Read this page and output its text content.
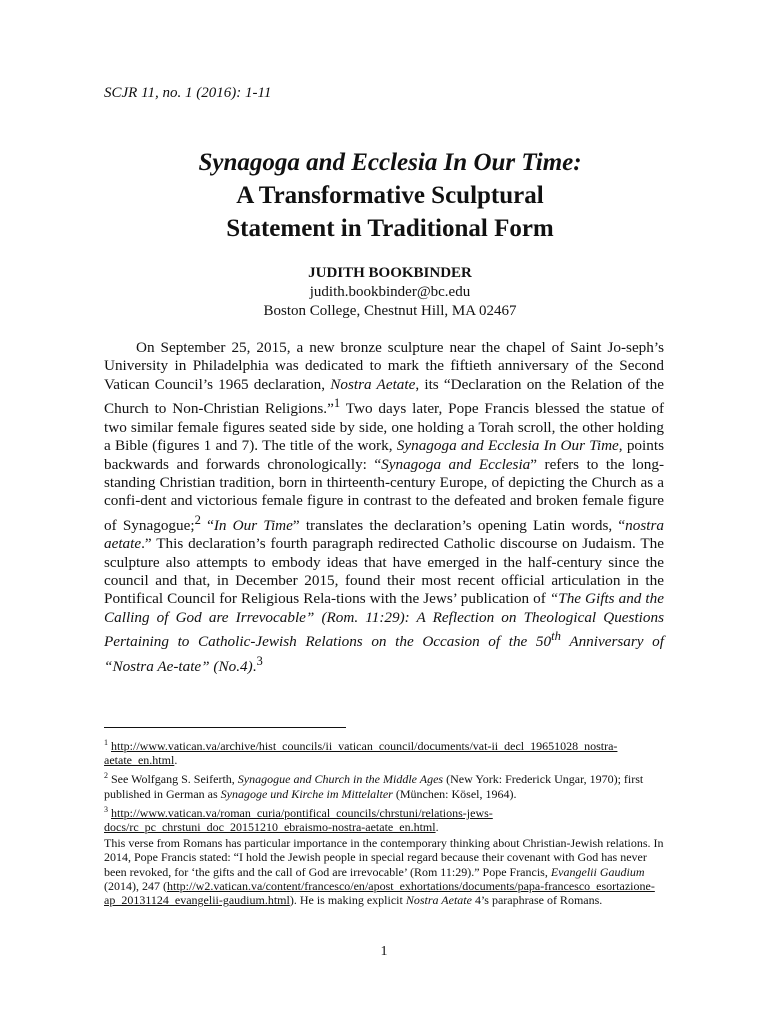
SCJR 11, no. 1 (2016): 1-11
Synagoga and Ecclesia In Our Time:
A Transformative Sculptural
Statement in Traditional Form
JUDITH BOOKBINDER
judith.bookbinder@bc.edu
Boston College, Chestnut Hill, MA 02467

On September 25, 2015, a new bronze sculpture near the chapel of Saint Jo-seph’s University in Philadelphia was dedicated to mark the fiftieth anniversary of the Second Vatican Council’s 1965 declaration, Nostra Aetate, its “Declaration on the Relation of the Church to Non-Christian Religions.”$^1$ Two days later, Pope Francis blessed the statue of two similar female figures seated side by side, one holding a Torah scroll, the other holding a Bible (figures 1 and 7). The title of the work, Synagoga and Ecclesia In Our Time, points backwards and forwards chronologically: “Synagoga and Ecclesia” refers to the long-standing Christian tradition, born in thirteenth-century Europe, of depicting the Church as a confi-dent and victorious female figure in contrast to the defeated and broken female figure of Synagogue;$^2$ “In Our Time” translates the declaration’s opening Latin words, “nostra aetate.” This declaration’s fourth paragraph redirected Catholic discourse on Judaism. The sculpture also attempts to embody ideas that have emerged in the half-century since the council and that, in December 2015, found their most recent official articulation in the Pontifical Council for Religious Rela-tions with the Jews’ publication of “The Gifts and the Calling of God are Irrevocable” (Rom. 11:29): A Reflection on Theological Questions Pertaining to Catholic-Jewish Relations on the Occasion of the 50th Anniversary of “Nostra Ae-tate” (No.4).$^3$

$^1$ http://www.vatican.va/archive/hist_councils/ii_vatican_council/documents/vat-ii_decl_19651028_nostra-aetate_en.html.
$^2$ See Wolfgang S. Seiferth, Synagogue and Church in the Middle Ages (New York: Frederick Ungar, 1970); first published in German as Synagoge und Kirche im Mittelalter (München: Kösel, 1964).
$^3$ http://www.vatican.va/roman_curia/pontifical_councils/chrstuni/relations-jews-docs/rc_pc_chrstuni_doc_20151210_ebraismo-nostra-aetate_en.html.
This verse from Romans has particular importance in the contemporary thinking about Christian-Jewish relations. In 2014, Pope Francis stated: “I hold the Jewish people in special regard because their covenant with God has never been revoked, for ‘the gifts and the call of God are irrevocable’ (Rom 11:29).” Pope Francis, Evangelii Gaudium (2014), 247 (http://w2.vatican.va/content/francesco/en/apost_exhortations/documents/papa-francesco_esortazione-ap_20131124_evangelii-gaudium.html). He is making explicit Nostra Aetate 4’s paraphrase of Romans.
1
